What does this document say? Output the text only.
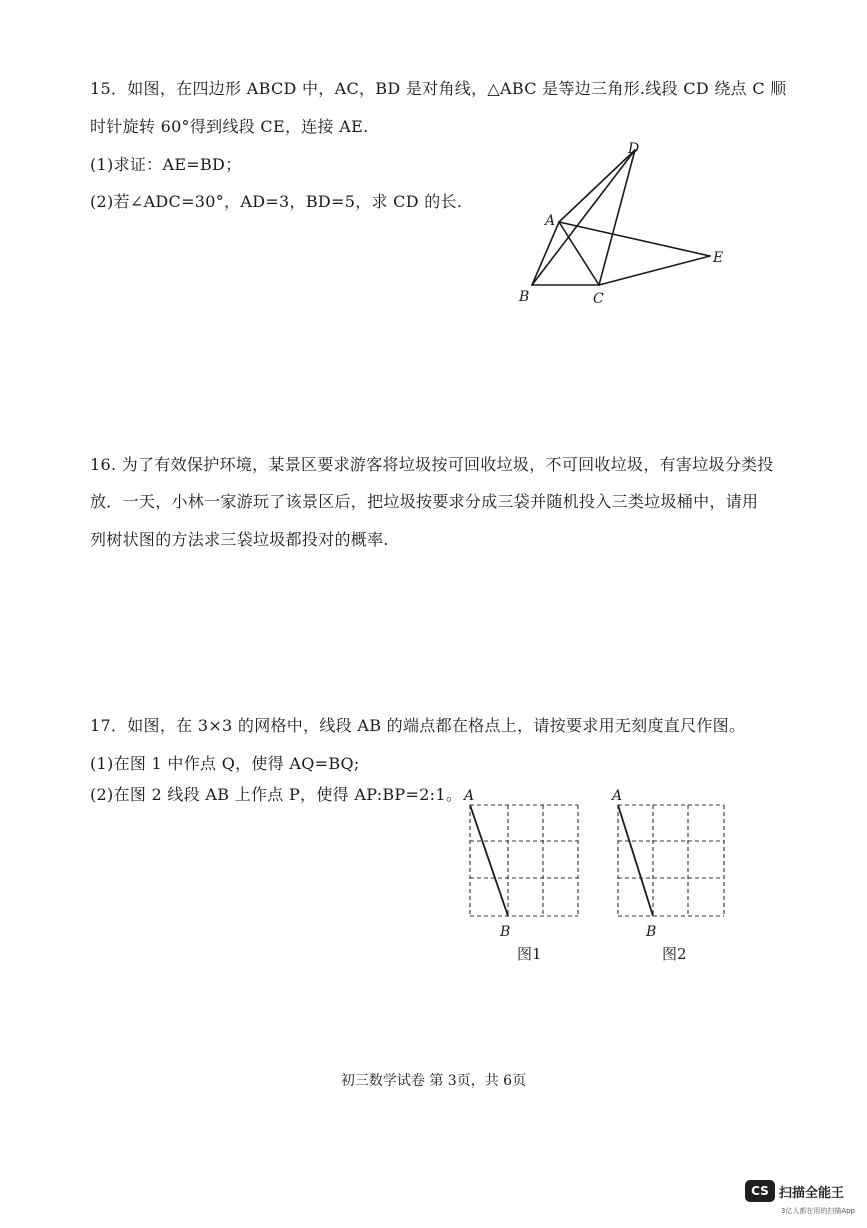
15．如图，在四边形 ABCD 中，AC，BD 是对角线，△ABC 是等边三角形.线段 CD 绕点 C 顺
时针旋转 60°得到线段 CE，连接 AE.
(1)求证：AE=BD；
(2)若∠ADC=30°，AD=3，BD=5，求 CD 的长.
D
A
E
B	C
16. 为了有效保护环境，某景区要求游客将垃圾按可回收垃圾，不可回收垃圾，有害垃圾分类投
放．一天，小林一家游玩了该景区后，把垃圾按要求分成三袋并随机投入三类垃圾桶中，请用
列树状图的方法求三袋垃圾都投对的概率.
17．如图，在 3×3 的网格中，线段 AB 的端点都在格点上，请按要求用无刻度直尺作图。
(1)在图 1 中作点 Q，使得 AQ=BQ;
(2)在图 2 线段 AB 上作点 P，使得 AP:BP=2:1。 A
B
图1
A
B
图2
初三数学试卷 第 3页，共 6页
CS 扫描全能王
3亿人都在用的扫描App
